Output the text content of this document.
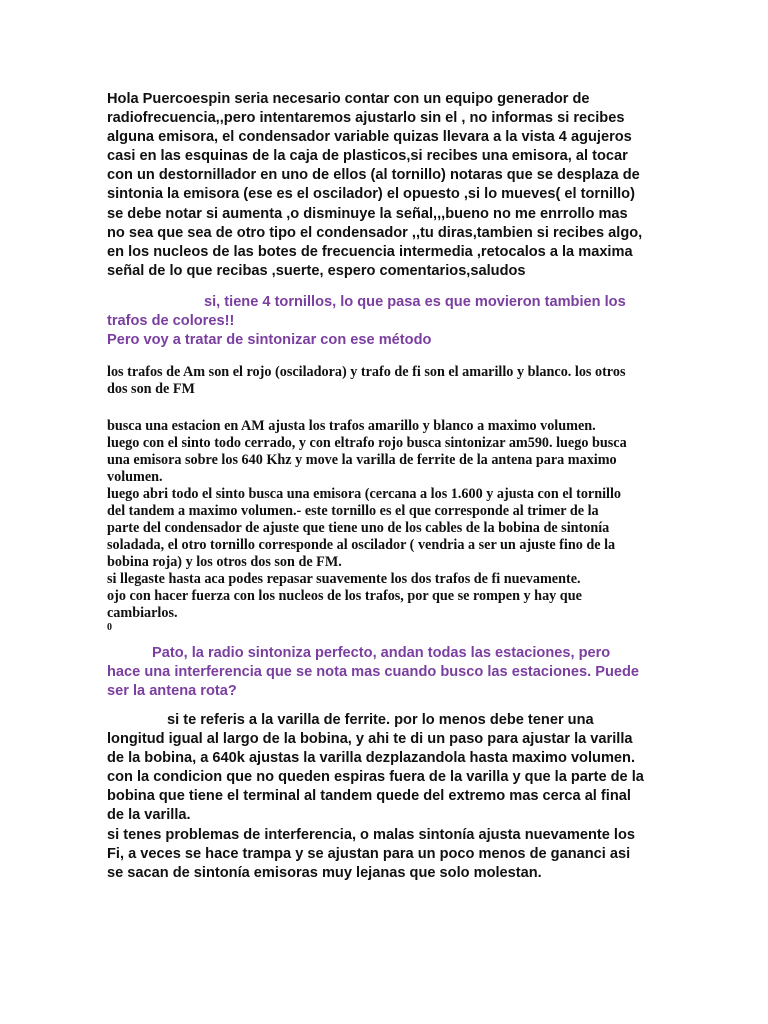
Hola Puercoespin seria necesario contar con un equipo generador de
radiofrecuencia,,pero intentaremos ajustarlo sin el , no informas si recibes
alguna emisora, el condensador variable quizas llevara a la vista 4 agujeros
casi en las esquinas de la caja de plasticos,si recibes una emisora, al tocar
con un destornillador en uno de ellos (al tornillo) notaras que se desplaza de
sintonia la emisora (ese es el oscilador) el opuesto ,si lo mueves( el tornillo)
se debe notar si aumenta ,o disminuye la señal,,,bueno no me enrrollo mas
no sea que sea de otro tipo el condensador ,,tu diras,tambien si recibes algo,
en los nucleos de las botes de frecuencia intermedia ,retocalos a la maxima
señal de lo que recibas ,suerte, espero comentarios,saludos
si, tiene 4 tornillos, lo que pasa es que movieron tambien los
trafos de colores!!
Pero voy a tratar de sintonizar con ese método
los trafos de Am son el rojo (osciladora) y trafo de fi son el amarillo y blanco. los otros
dos son de FM
busca una estacion en AM ajusta los trafos amarillo y blanco a maximo volumen.
luego con el sinto todo cerrado, y con eltrafo rojo busca sintonizar am590. luego busca
una emisora sobre los 640 Khz y move la varilla de ferrite de la antena para maximo
volumen.
luego abri todo el sinto busca una emisora (cercana a los 1.600 y ajusta con el tornillo
del tandem a maximo volumen.- este tornillo es el que corresponde al trimer de la
parte del condensador de ajuste que tiene uno de los cables de la bobina de sintonía
soladada, el otro tornillo corresponde al oscilador ( vendria a ser un ajuste fino de la
bobina roja) y los otros dos son de FM.
si llegaste hasta aca podes repasar suavemente los dos trafos de fi nuevamente.
ojo con hacer fuerza con los nucleos de los trafos, por que se rompen y hay que
cambiarlos.
0
Pato, la radio sintoniza perfecto, andan todas las estaciones, pero
hace una interferencia que se nota mas cuando busco las estaciones. Puede
ser la antena rota?
si te referis a la varilla de ferrite. por lo menos debe tener una
longitud igual al largo de la bobina, y ahi te di un paso para ajustar la varilla
de la bobina, a 640k ajustas la varilla dezplazandola hasta maximo volumen.
con la condicion que no queden espiras fuera de la varilla y que la parte de la
bobina que tiene el terminal al tandem quede del extremo mas cerca al final
de la varilla.
si tenes problemas de interferencia, o malas sintonía ajusta nuevamente los
Fi, a veces se hace trampa y se ajustan para un poco menos de gananci asi
se sacan de sintonía emisoras muy lejanas que solo molestan.
